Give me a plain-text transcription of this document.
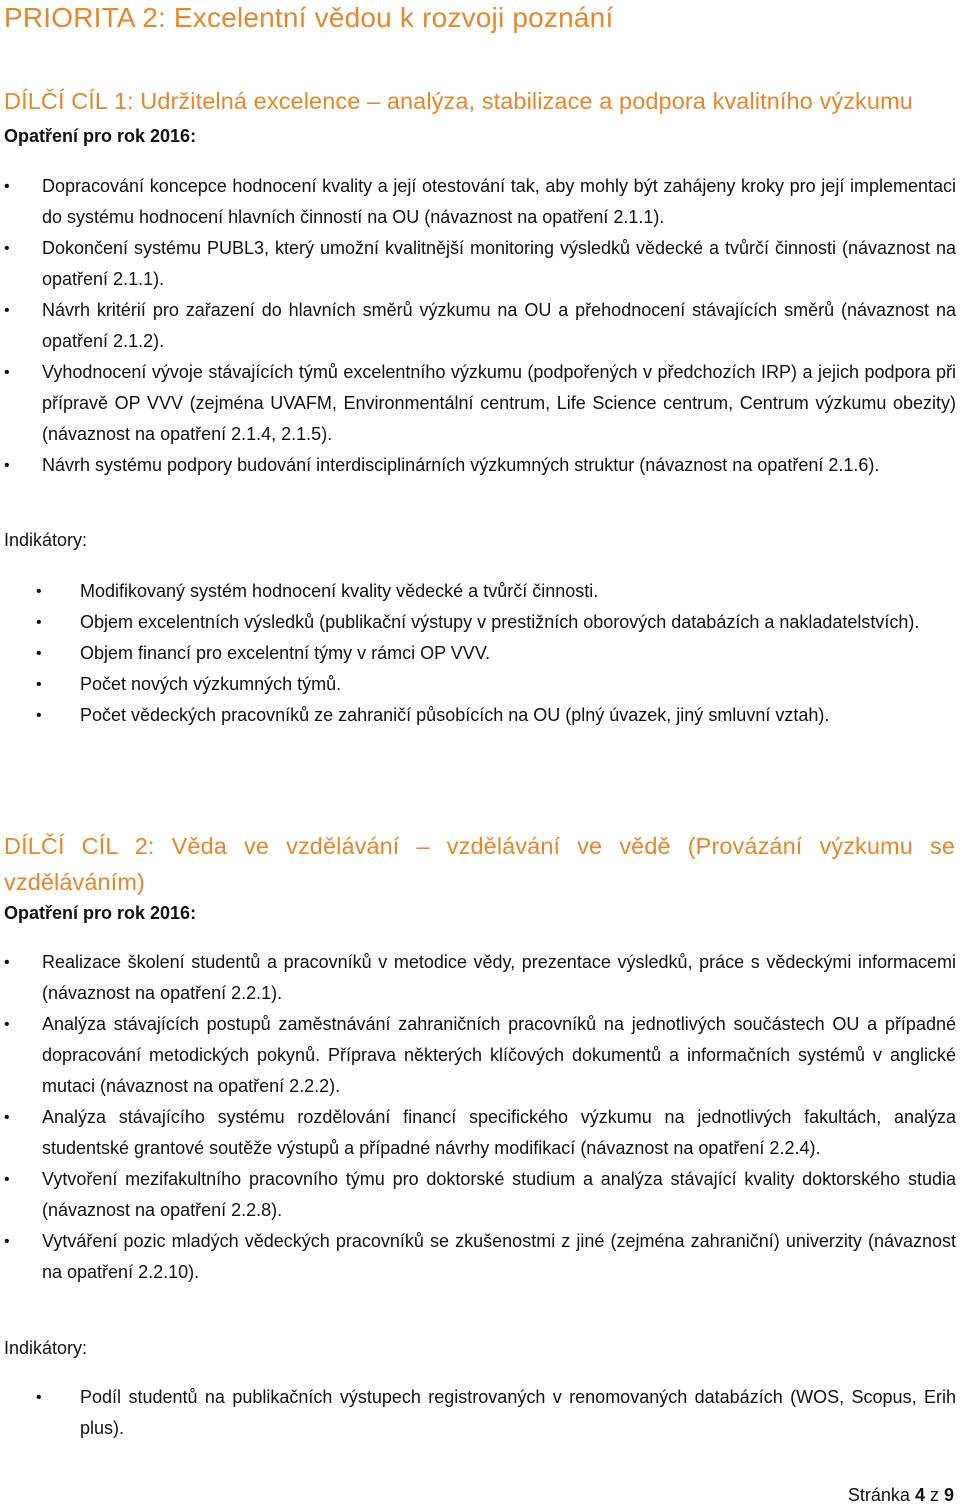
PRIORITA 2: Excelentní vědou k rozvoji poznání
DÍLČÍ CÍL 1: Udržitelná excelence – analýza, stabilizace a podpora kvalitního výzkumu
Opatření pro rok 2016:
• Dopracování koncepce hodnocení kvality a její otestování tak, aby mohly být zahájeny kroky pro její implementaci do systému hodnocení hlavních činností na OU (návaznost na opatření 2.1.1).
• Dokončení systému PUBL3, který umožní kvalitnější monitoring výsledků vědecké a tvůrčí činnosti (návaznost na opatření 2.1.1).
• Návrh kritérií pro zařazení do hlavních směrů výzkumu na OU a přehodnocení stávajících směrů (návaznost na opatření 2.1.2).
• Vyhodnocení vývoje stávajících týmů excelentního výzkumu (podpořených v předchozích IRP) a jejich podpora při přípravě OP VVV (zejména UVAFM, Environmentální centrum, Life Science centrum, Centrum výzkumu obezity) (návaznost na opatření 2.1.4, 2.1.5).
• Návrh systému podpory budování interdisciplinárních výzkumných struktur (návaznost na opatření 2.1.6).
Indikátory:
• Modifikovaný systém hodnocení kvality vědecké a tvůrčí činnosti.
• Objem excelentních výsledků (publikační výstupy v prestižních oborových databázích a nakladatelstvích).
• Objem financí pro excelentní týmy v rámci OP VVV.
• Počet nových výzkumných týmů.
• Počet vědeckých pracovníků ze zahraničí působících na OU (plný úvazek, jiný smluvní vztah).
DÍLČÍ CÍL 2: Věda ve vzdělávání – vzdělávání ve vědě (Provázání výzkumu se vzděláváním)
Opatření pro rok 2016:
• Realizace školení studentů a pracovníků v metodice vědy, prezentace výsledků, práce s vědeckými informacemi (návaznost na opatření 2.2.1).
• Analýza stávajících postupů zaměstnávání zahraničních pracovníků na jednotlivých součástech OU a případné dopracování metodických pokynů. Příprava některých klíčových dokumentů a informačních systémů v anglické mutaci (návaznost na opatření 2.2.2).
• Analýza stávajícího systému rozdělování financí specifického výzkumu na jednotlivých fakultách, analýza studentské grantové soutěže výstupů a případné návrhy modifikací (návaznost na opatření 2.2.4).
• Vytvoření mezifakultního pracovního týmu pro doktorské studium a analýza stávající kvality doktorského studia (návaznost na opatření 2.2.8).
• Vytváření pozic mladých vědeckých pracovníků se zkušenostmi z jiné (zejména zahraniční) univerzity (návaznost na opatření 2.2.10).
Indikátory:
• Podíl studentů na publikačních výstupech registrovaných v renomovaných databázích (WOS, Scopus, Erih plus).
Stránka 4 z 9
